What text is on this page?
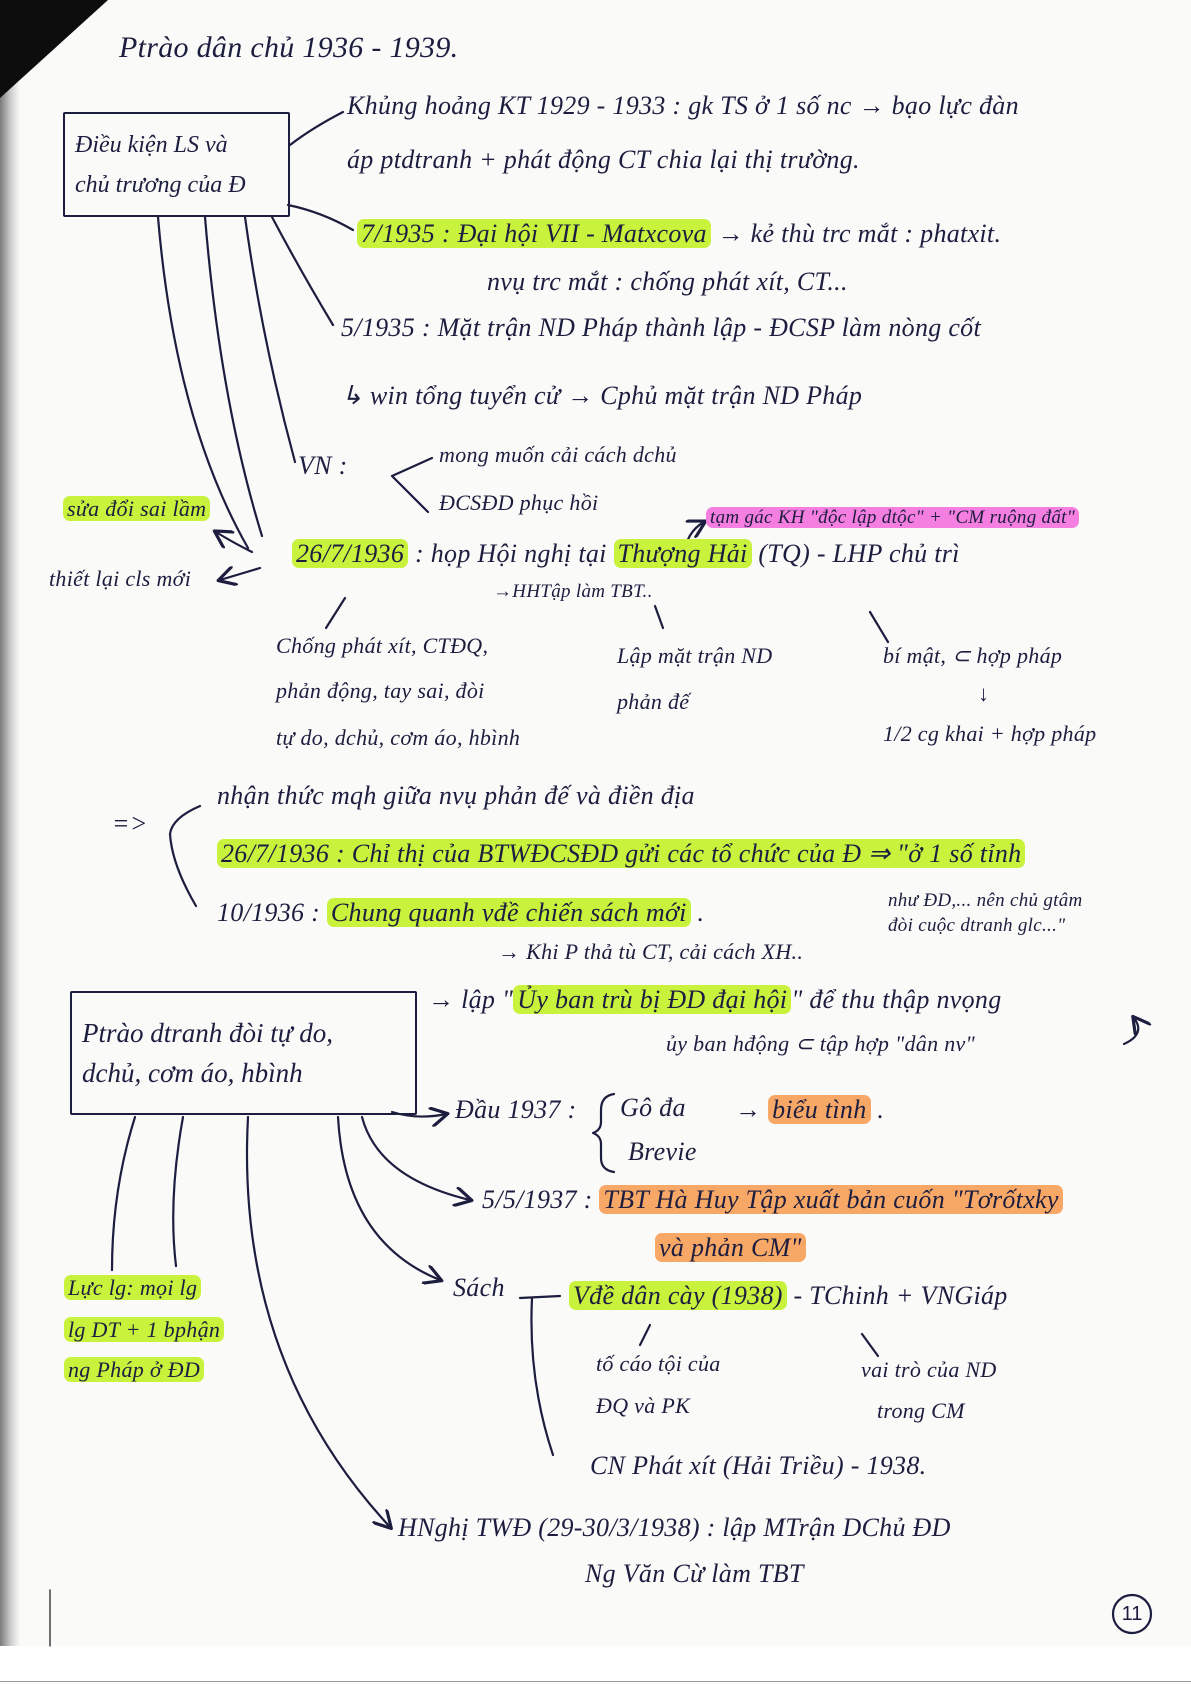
Ptrào dân chủ 1936 - 1939.
Điều kiện LS và
chủ trương của Đ
Khủng hoảng KT 1929 - 1933 : gk TS ở 1 số nc → bạo lực đàn
áp ptdtranh + phát động CT chia lại thị trường.
7/1935 : Đại hội VII - Matxcova → kẻ thù trc mắt : phatxit.
nvụ trc mắt : chống phát xít, CT...
5/1935 : Mặt trận ND Pháp thành lập - ĐCSP làm nòng cốt
↳ win tổng tuyển cử → Cphủ mặt trận ND Pháp
VN :	mong muốn cải cách dchủ
ĐCSĐD phục hồi
sửa đổi sai lầm
thiết lại cls mới
tạm gác KH "độc lập dtộc" + "CM ruộng đất"
26/7/1936 : họp Hội nghị tại Thượng Hải (TQ) - LHP chủ trì
→HHTập làm TBT..
Chống phát xít, CTĐQ,
phản động, tay sai, đòi
tự do, dchủ, cơm áo, hbình
Lập mặt trận ND
phản đế
bí mật, ⊂ hợp pháp
↓
1/2 cg khai + hợp pháp
=>
nhận thức mqh giữa nvụ phản đế và điền địa
26/7/1936 : Chỉ thị của BTWĐCSĐD gửi các tổ chức của Đ ⇒ "ở 1 số tỉnh
như ĐD,... nên chủ gtâm
đòi cuộc dtranh glc..."
10/1936 : Chung quanh vđề chiến sách mới .
→ Khi P thả tù CT, cải cách XH..
Ptrào dtranh đòi tự do,
dchủ, cơm áo, hbình
→ lập " Ủy ban trù bị ĐD đại hội " để thu thập nvọng
ủy ban hđộng ⊂ tập hợp "dân nv"
Đầu 1937 : Gô đa
Brevie
→ biểu tình .
5/5/1937 : TBT Hà Huy Tập xuất bản cuốn "Tơrốtxky
và phản CM"
Lực lg: mọi lg
lg DT + 1 bphận
ng Pháp ở ĐD
Sách	Vđề dân cày (1938) - TChinh + VNGiáp
tố cáo tội của
ĐQ và PK
vai trò của ND
trong CM
CN Phát xít (Hải Triều) - 1938.
HNghị TWĐ (29-30/3/1938) : lập MTrận DChủ ĐD
Ng Văn Cừ làm TBT
11
